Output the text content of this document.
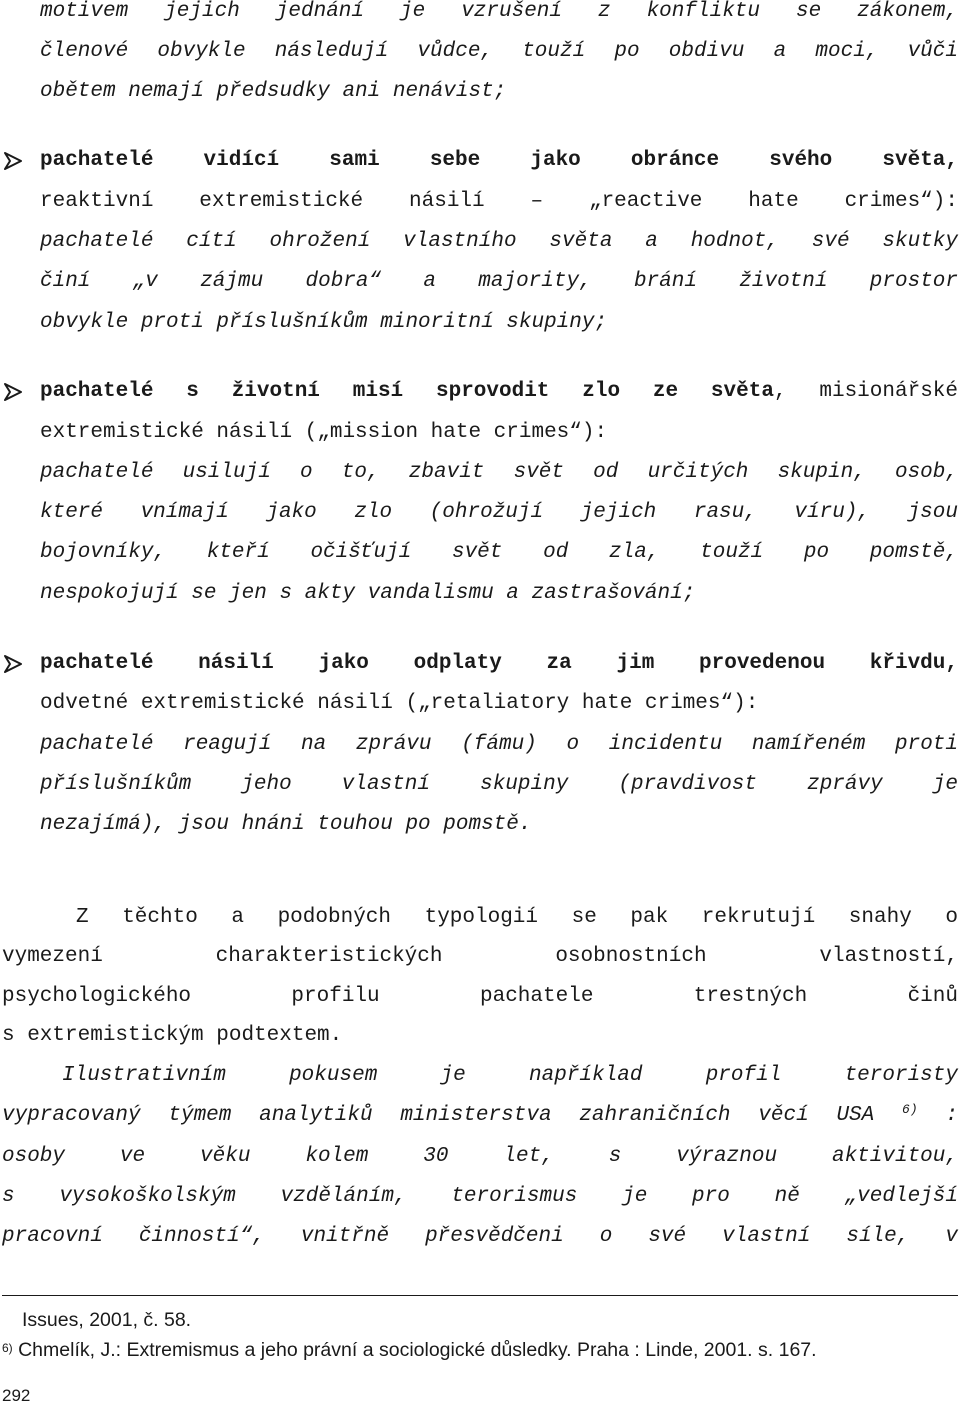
motivem jejich jednání je vzrušení z konfliktu se zákonem,

členové obvykle následují vůdce, touží po obdivu a moci, vůči

obětem nemají předsudky ani nenávist;

pachatelé vidící sami sebe jako obránce svého světa,

reaktivní extremistické násilí – „reactive hate crimes“):

pachatelé cítí ohrožení vlastního světa a hodnot, své skutky

činí „v zájmu dobra“ a majority, brání životní prostor

obvykle proti příslušníkům minoritní skupiny;

pachatelé s životní misí sprovodit zlo ze světa, misionářské

extremistické násilí („mission hate crimes“):

pachatelé usilují o to, zbavit svět od určitých skupin, osob,

které vnímají jako zlo (ohrožují jejich rasu, víru), jsou

bojovníky, kteří očišťují svět od zla, touží po pomstě,

nespokojují se jen s akty vandalismu a zastrašování;

pachatelé násilí jako odplaty za jim provedenou křivdu,

odvetné extremistické násilí („retaliatory hate crimes“):

pachatelé reagují na zprávu (fámu) o incidentu namířeném proti

příslušníkům jeho vlastní skupiny (pravdivost zprávy je

nezajímá), jsou hnáni touhou po pomstě.

Z těchto a podobných typologií se pak rekrutují snahy o

vymezení charakteristických osobnostních vlastností,

psychologického profilu pachatele trestných činů

s extremistickým podtextem.

Ilustrativním pokusem je například profil teroristy

vypracovaný týmem analytiků ministerstva zahraničních věcí USA $^{6)}$ :

osoby ve věku kolem 30 let, s výraznou aktivitou,

s vysokoškolským vzděláním, terorismus je pro ně „vedlejší

pracovní činností“, vnitřně přesvědčeni o své vlastní síle, v

Issues, 2001, č. 58.

$^{6)}$ Chmelík, J.: Extremismus a jeho právní a sociologické důsledky. Praha : Linde, 2001. s. 167.

292
